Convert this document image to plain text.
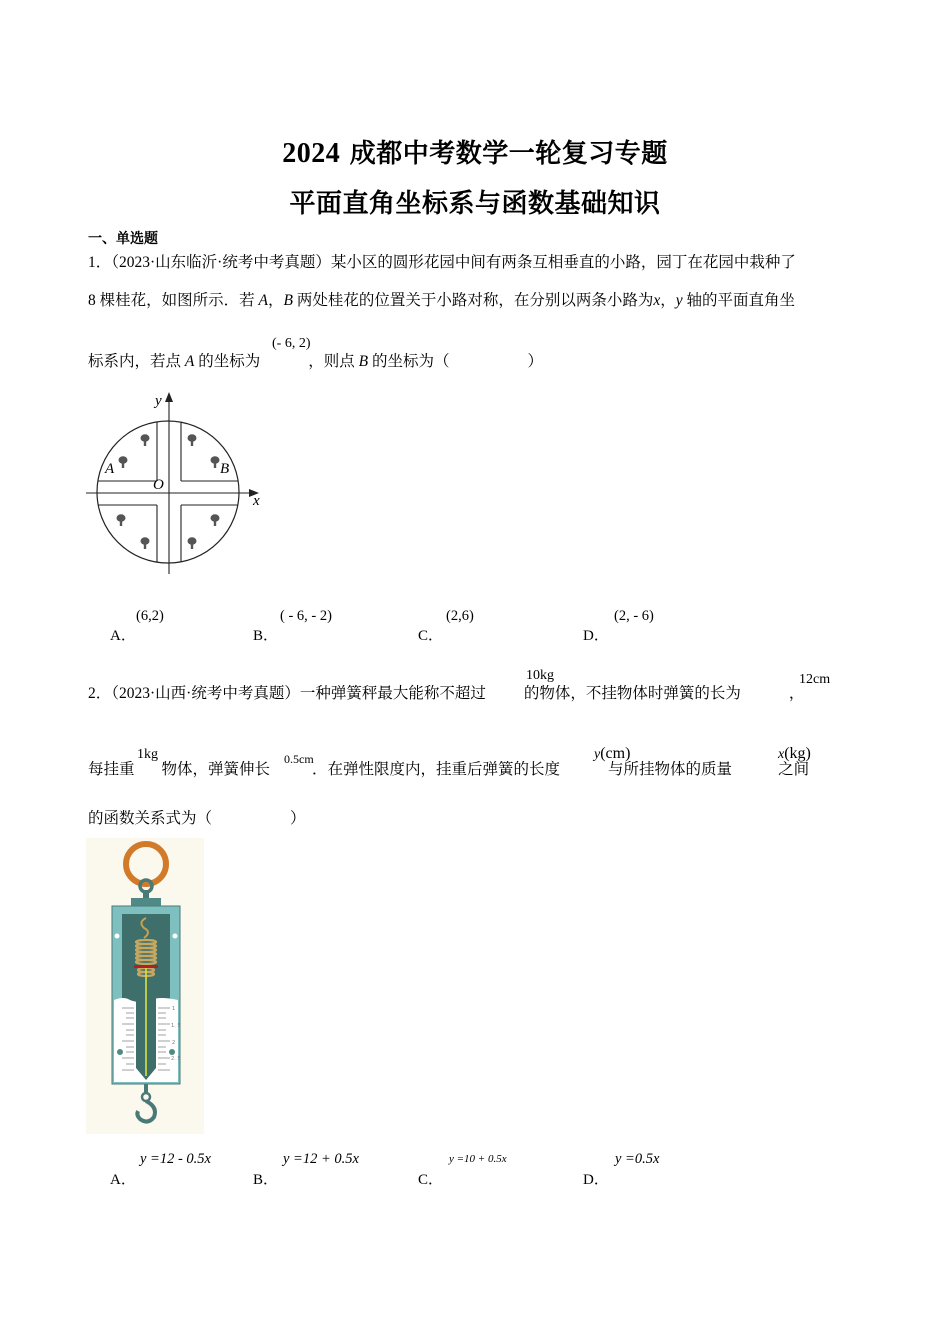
2024 成都中考数学一轮复习专题
平面直角坐标系与函数基础知识
一、单选题
1．（2023·山东临沂·统考中考真题）某小区的圆形花园中间有两条互相垂直的小路，园丁在花园中栽种了
8 棵桂花，如图所示．若 A，B 两处桂花的位置关于小路对称，在分别以两条小路为x，y 轴的平面直角坐
标系内，若点 A 的坐标为	，则点 B 的坐标为（	）
(- 6, 2)
y
x
O
A	B
A．
(6,2)
B．
( - 6, - 2)
C．
(2,6)
D．
(2, - 6)
2．（2023·山西·统考中考真题）一种弹簧秤最大能称不超过 的物体，不挂物体时弹簧的长为	，
10kg	12cm
每挂重 物体，弹簧伸长	．在弹性限度内，挂重后弹簧的长度	与所挂物体的质量	之间
1kg	0.5cm	y(cm)	x(kg)
的函数关系式为（	）
1
1. 5
2
2. 5
A．
y =12 - 0.5x
B．
y =12 + 0.5x
C．
y =10 + 0.5x
D．
y =0.5x
